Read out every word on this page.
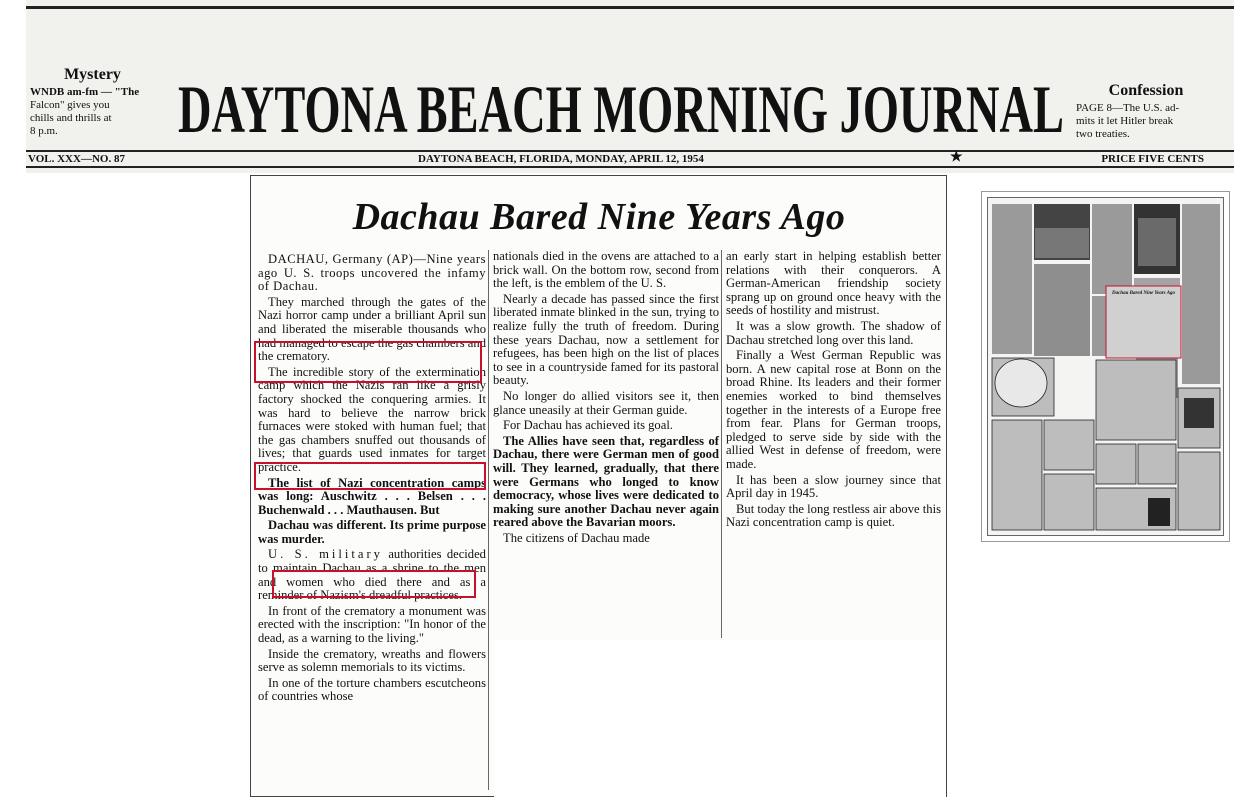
Mystery
WNDB am-fm — "The
Falcon" gives you
chills and thrills at
8 p.m.	DAYTONA BEACH MORNING JOURNAL	Confession
PAGE 8—The U.S. ad-
mits it let Hitler break
two treaties.
VOL. XXX—NO. 87	DAYTONA BEACH, FLORIDA, MONDAY, APRIL 12, 1954	★	PRICE FIVE CENTS
Dachau Bared Nine Years Ago

DACHAU, Germany (AP)—Nine years ago U. S. troops uncovered the infamy of Dachau.

They marched through the gates of the Nazi horror camp under a brilliant April sun and liberated the miserable thousands who had managed to escape the gas chambers and the crematory.

The incredible story of the extermination camp which the Nazis ran like a grisly factory shocked the conquering armies. It was hard to believe the narrow brick furnaces were stoked with human fuel; that the gas chambers snuffed out thousands of lives; that guards used inmates for target practice.

The list of Nazi concentration camps was long: Auschwitz . . . Belsen . . . Buchenwald . . . Mauthausen. But

Dachau was different. Its prime purpose was murder.

U. S. military authorities decided to maintain Dachau as a shrine to the men and women who died there and as a reminder of Nazism's dreadful practices.

In front of the crematory a monument was erected with the inscription: "In honor of the dead, as a warning to the living."

Inside the crematory, wreaths and flowers serve as solemn memorials to its victims.

In one of the torture chambers escutcheons of countries whose

nationals died in the ovens are attached to a brick wall. On the bottom row, second from the left, is the emblem of the U. S.

Nearly a decade has passed since the first liberated inmate blinked in the sun, trying to realize fully the truth of freedom. During these years Dachau, now a settlement for refugees, has been high on the list of places to see in a countryside famed for its pastoral beauty.

No longer do allied visitors see it, then glance uneasily at their German guide.

For Dachau has achieved its goal.

The Allies have seen that, regardless of Dachau, there were German men of good will. They learned, gradually, that there were Germans who longed to know democracy, whose lives were dedicated to making sure another Dachau never again reared above the Bavarian moors.

The citizens of Dachau made

an early start in helping establish better relations with their conquerors. A German-American friendship society sprang up on ground once heavy with the seeds of hostility and mistrust.

It was a slow growth. The shadow of Dachau stretched long over this land.

Finally a West German Republic was born. A new capital rose at Bonn on the broad Rhine. Its leaders and their former enemies worked to bind themselves together in the interests of a Europe free from fear. Plans for German troops, pledged to serve side by side with the allied West in defense of freedom, were made.

It has been a slow journey since that April day in 1945.

But today the long restless air above this Nazi concentration camp is quiet.

Dachau Bared Nine Years Ago
